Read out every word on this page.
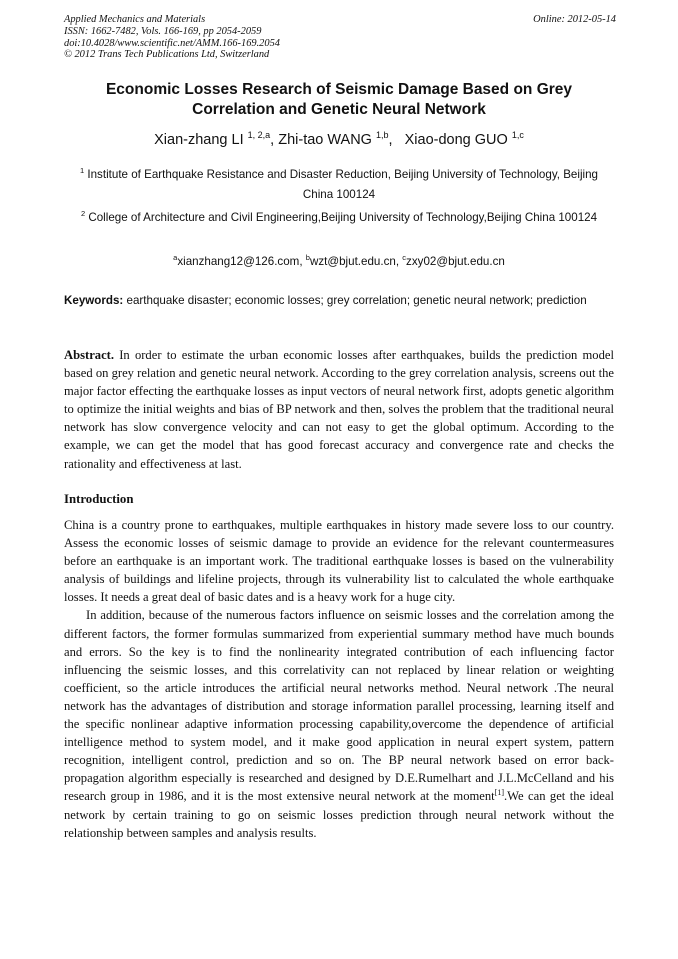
Applied Mechanics and Materials
ISSN: 1662-7482, Vols. 166-169, pp 2054-2059
doi:10.4028/www.scientific.net/AMM.166-169.2054
© 2012 Trans Tech Publications Ltd, Switzerland
Online: 2012-05-14
Economic Losses Research of Seismic Damage Based on Grey Correlation and Genetic Neural Network
Xian-zhang LI $^{1, 2,a}$, Zhi-tao WANG $^{1,b}$,   Xiao-dong GUO $^{1,c}$
$^1$ Institute of Earthquake Resistance and Disaster Reduction, Beijing University of Technology, Beijing China 100124
$^2$ College of Architecture and Civil Engineering,Beijing University of Technology,Beijing China 100124
$^a$xianzhang12@126.com, $^b$wzt@bjut.edu.cn, $^c$zxy02@bjut.edu.cn
Keywords: earthquake disaster; economic losses; grey correlation; genetic neural network; prediction
Abstract. In order to estimate the urban economic losses after earthquakes, builds the prediction model based on grey relation and genetic neural network. According to the grey correlation analysis, screens out the major factor effecting the earthquake losses as input vectors of neural network first, adopts genetic algorithm to optimize the initial weights and bias of BP network and then, solves the problem that the traditional neural network has slow convergence velocity and can not easy to get the global optimum. According to the example, we can get the model that has good forecast accuracy and convergence rate and checks the rationality and effectiveness at last.
Introduction

China is a country prone to earthquakes, multiple earthquakes in history made severe loss to our country. Assess the economic losses of seismic damage to provide an evidence for the relevant countermeasures before an earthquake is an important work. The traditional earthquake losses is based on the vulnerability analysis of buildings and lifeline projects, through its vulnerability list to calculated the whole earthquake losses. It needs a great deal of basic dates and is a heavy work for a huge city.

In addition, because of the numerous factors influence on seismic losses and the correlation among the different factors, the former formulas summarized from experiential summary method have much bounds and errors. So the key is to find the nonlinearity integrated contribution of each influencing factor influencing the seismic losses, and this correlativity can not replaced by linear relation or weighting coefficient, so the article introduces the artificial neural networks method. Neural network .The neural network has the advantages of distribution and storage information parallel processing, learning itself and the specific nonlinear adaptive information processing capability,overcome the dependence of artificial intelligence method to system model, and it make good application in neural expert system, pattern recognition, intelligent control, prediction and so on. The BP neural network based on error back-propagation algorithm especially is researched and designed by D.E.Rumelhart and J.L.McCelland and his research group in 1986, and it is the most extensive neural network at the moment[1].We can get the ideal network by certain training to go on seismic losses prediction through neural network without the relationship between samples and analysis results.
